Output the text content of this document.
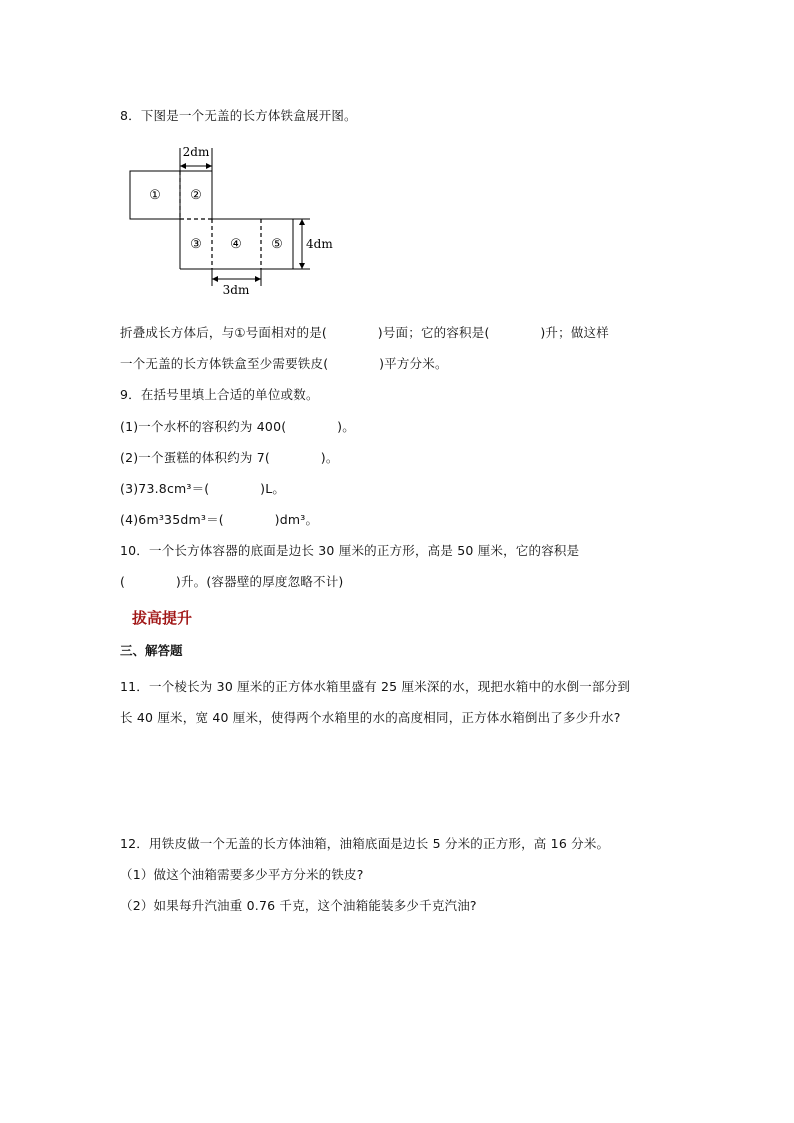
8．下图是一个无盖的长方体铁盒展开图。
2dm
4dm
3dm
① ②
③ ④ ⑤
折叠成长方体后，与①号面相对的是(　　　　)号面；它的容积是(　　　　)升；做这样
一个无盖的长方体铁盒至少需要铁皮(　　　　)平方分米。
9．在括号里填上合适的单位或数。
(1)一个水杯的容积约为 400(　　　　)。
(2)一个蛋糕的体积约为 7(　　　　)。
(3)73.8cm³＝(　　　　)L。
(4)6m³35dm³＝(　　　　)dm³。
10．一个长方体容器的底面是边长 30 厘米的正方形，高是 50 厘米，它的容积是
(　　　　)升。(容器壁的厚度忽略不计)
拔高提升
三、解答题
11．一个棱长为 30 厘米的正方体水箱里盛有 25 厘米深的水，现把水箱中的水倒一部分到
长 40 厘米，宽 40 厘米，使得两个水箱里的水的高度相同，正方体水箱倒出了多少升水?
12．用铁皮做一个无盖的长方体油箱，油箱底面是边长 5 分米的正方形，高 16 分米。
（1）做这个油箱需要多少平方分米的铁皮?
（2）如果每升汽油重 0.76 千克，这个油箱能装多少千克汽油?
